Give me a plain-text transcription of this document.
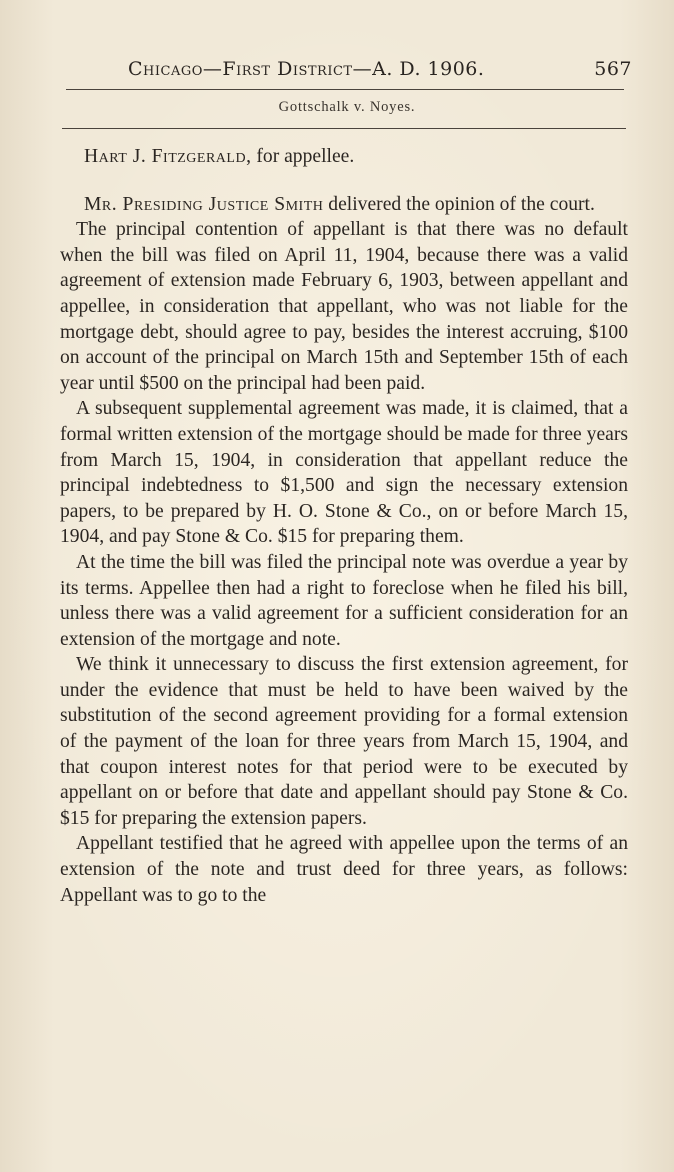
Chicago—First District—A. D. 1906.	567
Gottschalk v. Noyes.

Hart J. Fitzgerald, for appellee.

Mr. Presiding Justice Smith delivered the opinion of the court.

The principal contention of appellant is that there was no default when the bill was filed on April 11, 1904, because there was a valid agreement of extension made February 6, 1903, between appellant and appellee, in consideration that appellant, who was not liable for the mortgage debt, should agree to pay, besides the interest accruing, $100 on account of the principal on March 15th and September 15th of each year until $500 on the principal had been paid.

A subsequent supplemental agreement was made, it is claimed, that a formal written extension of the mortgage should be made for three years from March 15, 1904, in consideration that appellant reduce the principal indebtedness to $1,500 and sign the necessary extension papers, to be prepared by H. O. Stone & Co., on or before March 15, 1904, and pay Stone & Co. $15 for preparing them.

At the time the bill was filed the principal note was overdue a year by its terms. Appellee then had a right to foreclose when he filed his bill, unless there was a valid agreement for a sufficient consideration for an extension of the mortgage and note.

We think it unnecessary to discuss the first extension agreement, for under the evidence that must be held to have been waived by the substitution of the second agreement providing for a formal extension of the payment of the loan for three years from March 15, 1904, and that coupon interest notes for that period were to be executed by appellant on or before that date and appellant should pay Stone & Co. $15 for preparing the extension papers.

Appellant testified that he agreed with appellee upon the terms of an extension of the note and trust deed for three years, as follows: Appellant was to go to the
